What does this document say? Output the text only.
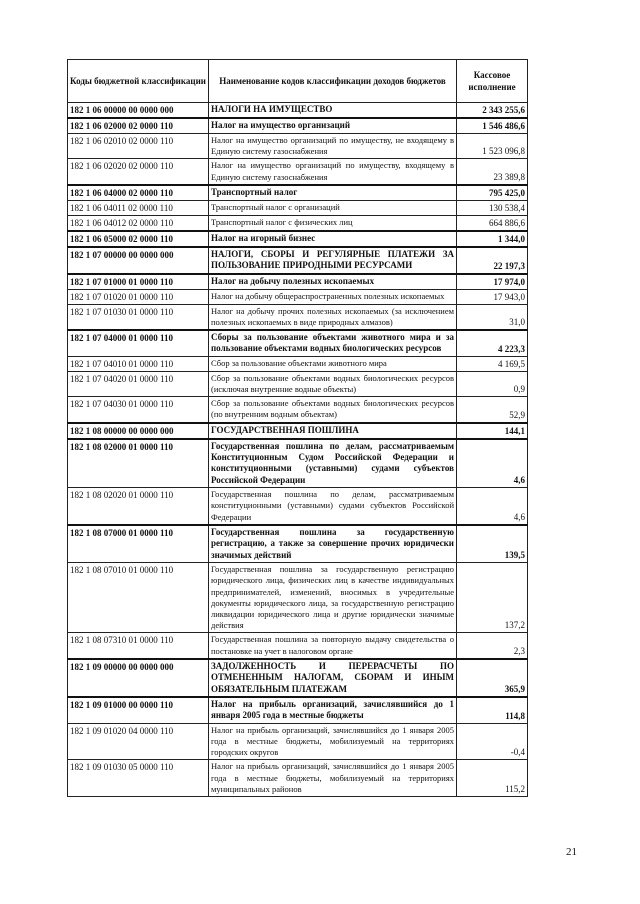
Коды бюджетной классификации	Наименование кодов классификации доходов бюджетов	Кассовое исполнение
182 1 06 00000 00 0000 000	НАЛОГИ НА ИМУЩЕСТВО	2 343 255,6
182 1 06 02000 02 0000 110	Налог на имущество организаций	1 546 486,6
182 1 06 02010 02 0000 110	Налог на имущество организаций по имуществу, не входящему в Единую систему газоснабжения	1 523 096,8
182 1 06 02020 02 0000 110	Налог на имущество организаций по имуществу, входящему в Единую систему газоснабжения	23 389,8
182 1 06 04000 02 0000 110	Транспортный налог	795 425,0
182 1 06 04011 02 0000 110	Транспортный налог с организаций	130 538,4
182 1 06 04012 02 0000 110	Транспортный налог с физических лиц	664 886,6
182 1 06 05000 02 0000 110	Налог на игорный бизнес	1 344,0
182 1 07 00000 00 0000 000	НАЛОГИ, СБОРЫ И РЕГУЛЯРНЫЕ ПЛАТЕЖИ ЗА ПОЛЬЗОВАНИЕ ПРИРОДНЫМИ РЕСУРСАМИ	22 197,3
182 1 07 01000 01 0000 110	Налог на добычу полезных ископаемых	17 974,0
182 1 07 01020 01 0000 110	Налог на добычу общераспространенных полезных ископаемых	17 943,0
182 1 07 01030 01 0000 110	Налог на добычу прочих полезных ископаемых (за исключением полезных ископаемых в виде природных алмазов)	31,0
182 1 07 04000 01 0000 110	Сборы за пользование объектами животного мира и за пользование объектами водных биологических ресурсов	4 223,3
182 1 07 04010 01 0000 110	Сбор за пользование объектами животного мира	4 169,5
182 1 07 04020 01 0000 110	Сбор за пользование объектами водных биологических ресурсов (исключая внутренние водные объекты)	0,9
182 1 07 04030 01 0000 110	Сбор за пользование объектами водных биологических ресурсов (по внутренним водным объектам)	52,9
182 1 08 00000 00 0000 000	ГОСУДАРСТВЕННАЯ ПОШЛИНА	144,1
182 1 08 02000 01 0000 110	Государственная пошлина по делам, рассматриваемым Конституционным Судом Российской Федерации и конституционными (уставными) судами субъектов Российской Федерации	4,6
182 1 08 02020 01 0000 110	Государственная пошлина по делам, рассматриваемым конституционными (уставными) судами субъектов Российской Федерации	4,6
182 1 08 07000 01 0000 110	Государственная пошлина за государственную регистрацию, а также за совершение прочих юридически значимых действий	139,5
182 1 08 07010 01 0000 110	Государственная пошлина за государственную регистрацию юридического лица, физических лиц в качестве индивидуальных предпринимателей, изменений, вносимых в учредительные документы юридического лица, за государственную регистрацию ликвидации юридического лица и другие юридически значимые действия	137,2
182 1 08 07310 01 0000 110	Государственная пошлина за повторную выдачу свидетельства о постановке на учет в налоговом органе	2,3
182 1 09 00000 00 0000 000	ЗАДОЛЖЕННОСТЬ И ПЕРЕРАСЧЕТЫ ПО ОТМЕНЕННЫМ НАЛОГАМ, СБОРАМ И ИНЫМ ОБЯЗАТЕЛЬНЫМ ПЛАТЕЖАМ	365,9
182 1 09 01000 00 0000 110	Налог на прибыль организаций, зачислявшийся до 1 января 2005 года в местные бюджеты	114,8
182 1 09 01020 04 0000 110	Налог на прибыль организаций, зачислявшийся до 1 января 2005 года в местные бюджеты, мобилизуемый на территориях городских округов	-0,4
182 1 09 01030 05 0000 110	Налог на прибыль организаций, зачислявшийся до 1 января 2005 года в местные бюджеты, мобилизуемый на территориях муниципальных районов	115,2
21
